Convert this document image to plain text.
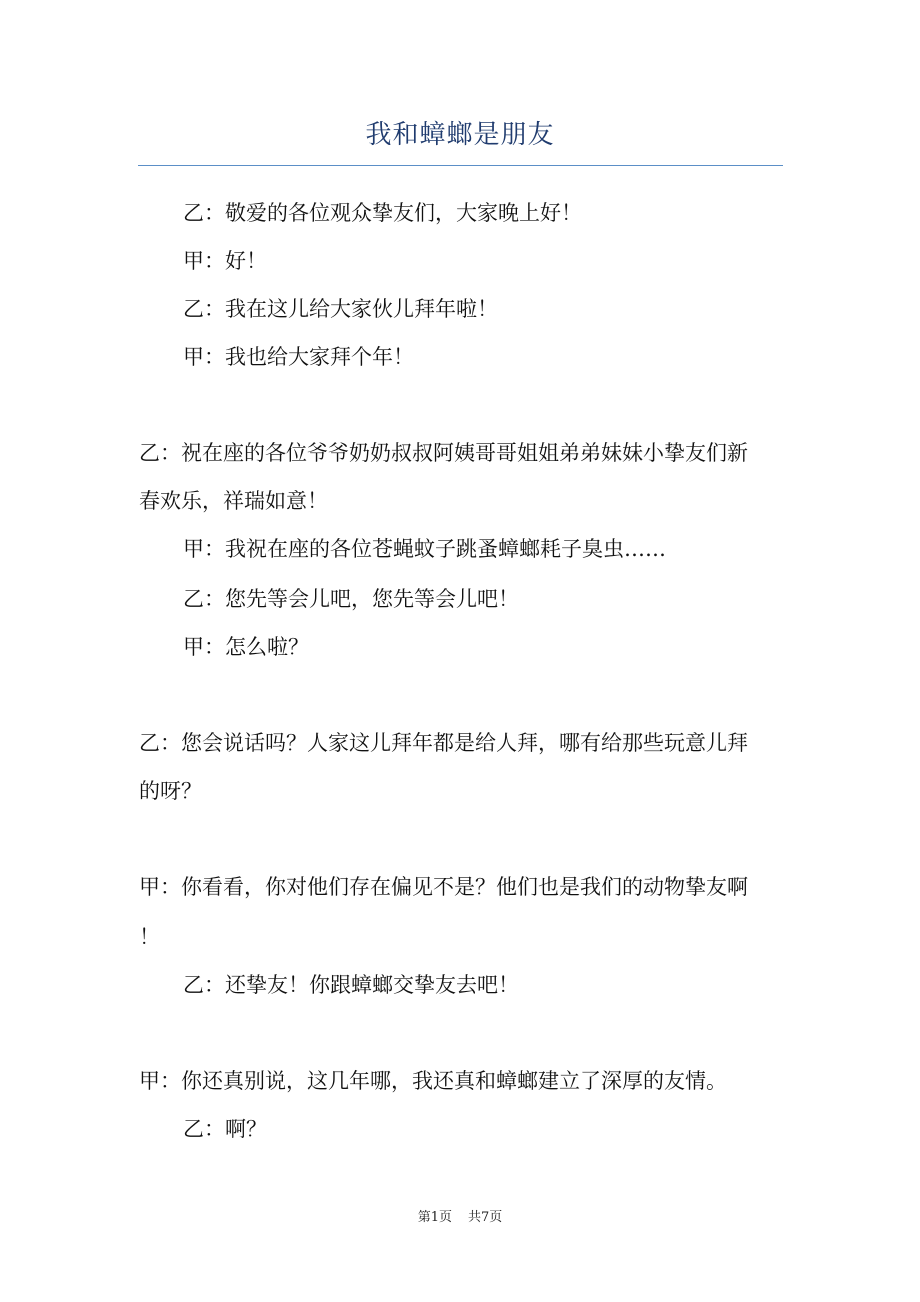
我和蟑螂是朋友
乙：敬爱的各位观众挚友们，大家晚上好！
甲：好！
乙：我在这儿给大家伙儿拜年啦！
甲：我也给大家拜个年！
乙：祝在座的各位爷爷奶奶叔叔阿姨哥哥姐姐弟弟妹妹小挚友们新
春欢乐，祥瑞如意！
甲：我祝在座的各位苍蝇蚊子跳蚤蟑螂耗子臭虫……
乙：您先等会儿吧，您先等会儿吧！
甲：怎么啦？
乙：您会说话吗？人家这儿拜年都是给人拜，哪有给那些玩意儿拜
的呀？
甲：你看看，你对他们存在偏见不是？他们也是我们的动物挚友啊
！
乙：还挚友！你跟蟑螂交挚友去吧！
甲：你还真别说，这几年哪，我还真和蟑螂建立了深厚的友情。
乙：啊？
第1页 共7页
